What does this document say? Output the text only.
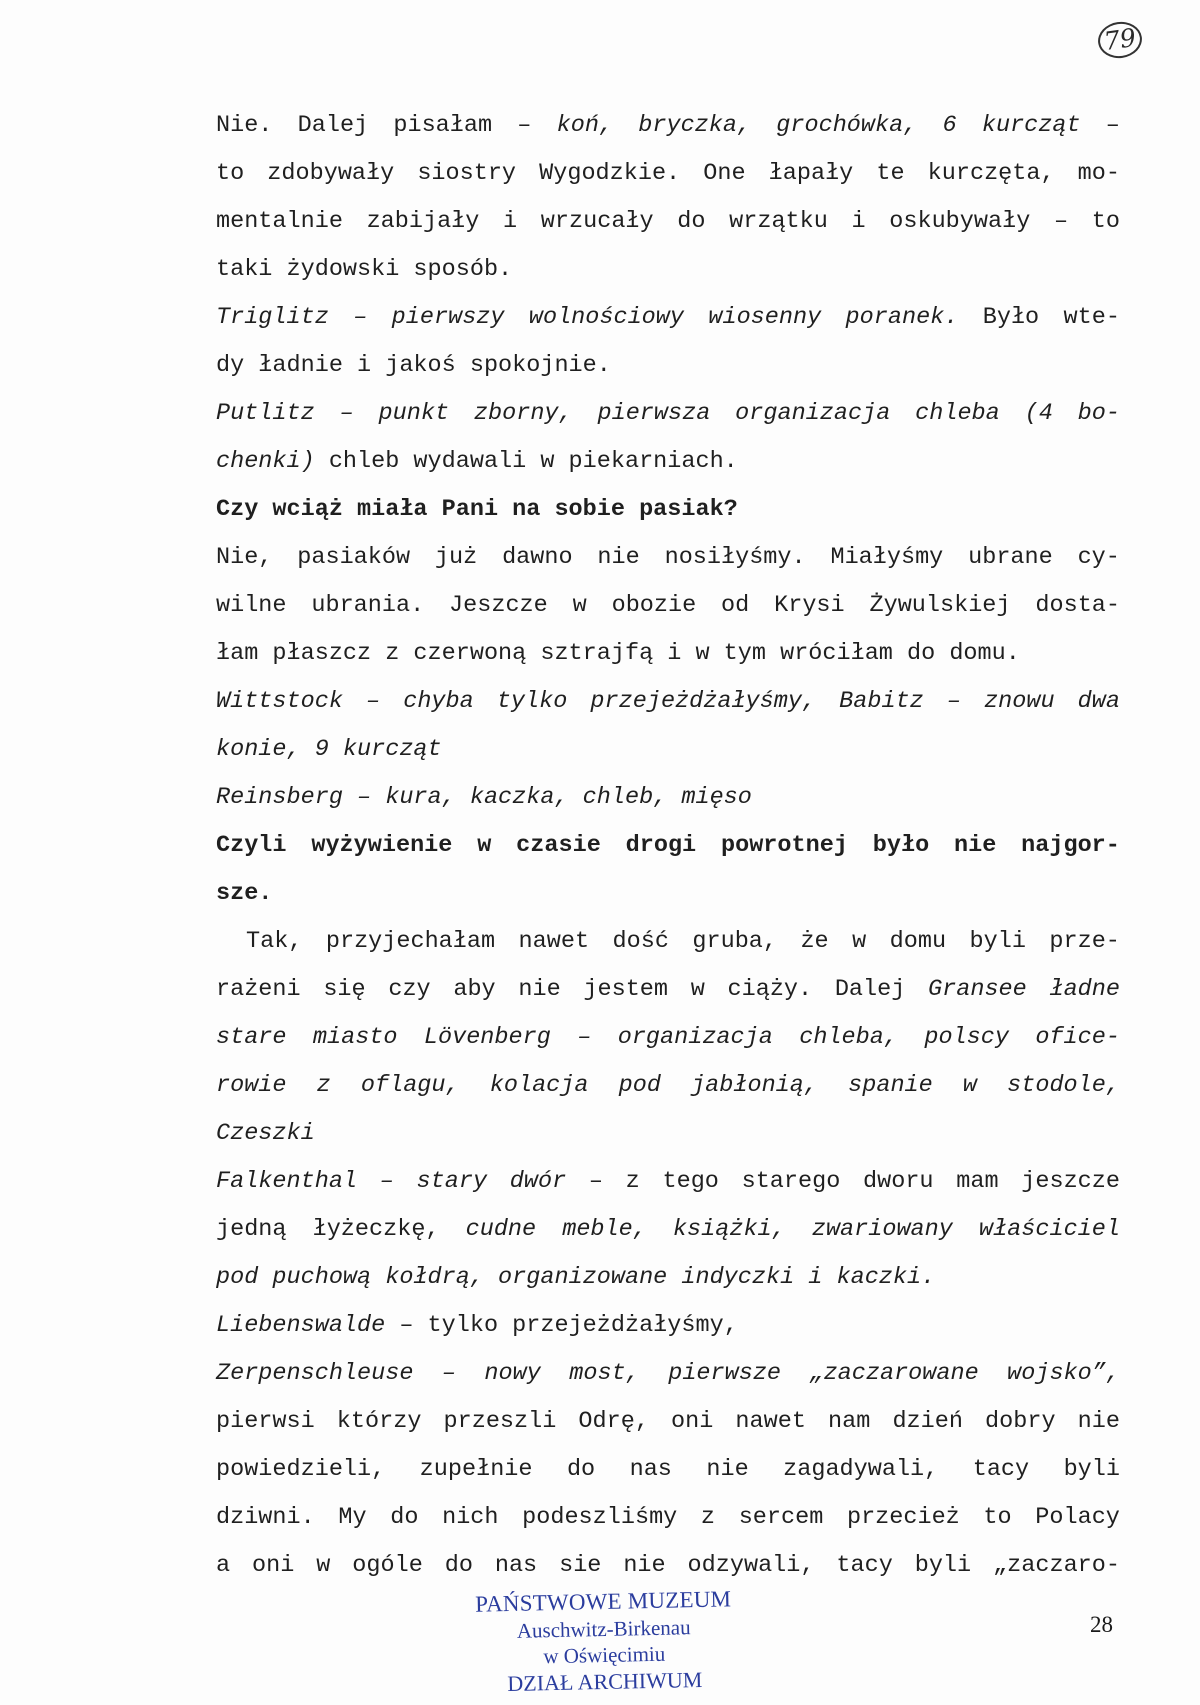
79
Nie. Dalej pisałam – koń, bryczka, grochówka, 6 kurcząt –
to zdobywały siostry Wygodzkie. One łapały te kurczęta, mo-
mentalnie zabijały i wrzucały do wrzątku i oskubywały – to
taki żydowski sposób.
Triglitz – pierwszy wolnościowy wiosenny poranek. Było wte-
dy ładnie i jakoś spokojnie.
Putlitz – punkt zborny, pierwsza organizacja chleba (4 bo-
chenki) chleb wydawali w piekarniach.
Czy wciąż miała Pani na sobie pasiak?
Nie, pasiaków już dawno nie nosiłyśmy. Miałyśmy ubrane cy-
wilne ubrania. Jeszcze w obozie od Krysi Żywulskiej dosta-
łam płaszcz z czerwoną sztrajfą i w tym wróciłam do domu.
Wittstock – chyba tylko przejeżdżałyśmy, Babitz – znowu dwa
konie, 9 kurcząt
Reinsberg – kura, kaczka, chleb, mięso
Czyli wyżywienie w czasie drogi powrotnej było nie najgor-
sze.
Tak, przyjechałam nawet dość gruba, że w domu byli prze-
rażeni się czy aby nie jestem w ciąży. Dalej Gransee ładne
stare miasto Lövenberg – organizacja chleba, polscy ofice-
rowie z oflagu, kolacja pod jabłonią, spanie w stodole,
Czeszki
Falkenthal – stary dwór – z tego starego dworu mam jeszcze
jedną łyżeczkę, cudne meble, książki, zwariowany właściciel
pod puchową kołdrą, organizowane indyczki i kaczki.
Liebenswalde – tylko przejeżdżałyśmy,
Zerpenschleuse – nowy most, pierwsze „zaczarowane wojsko”,
pierwsi którzy przeszli Odrę, oni nawet nam dzień dobry nie
powiedzieli, zupełnie do nas nie zagadywali, tacy byli
dziwni. My do nich podeszliśmy z sercem przecież to Polacy
a oni w ogóle do nas sie nie odzywali, tacy byli „zaczaro-
PAŃSTWOWE MUZEUM
Auschwitz-Birkenau
w Oświęcimiu
DZIAŁ ARCHIWUM
28
